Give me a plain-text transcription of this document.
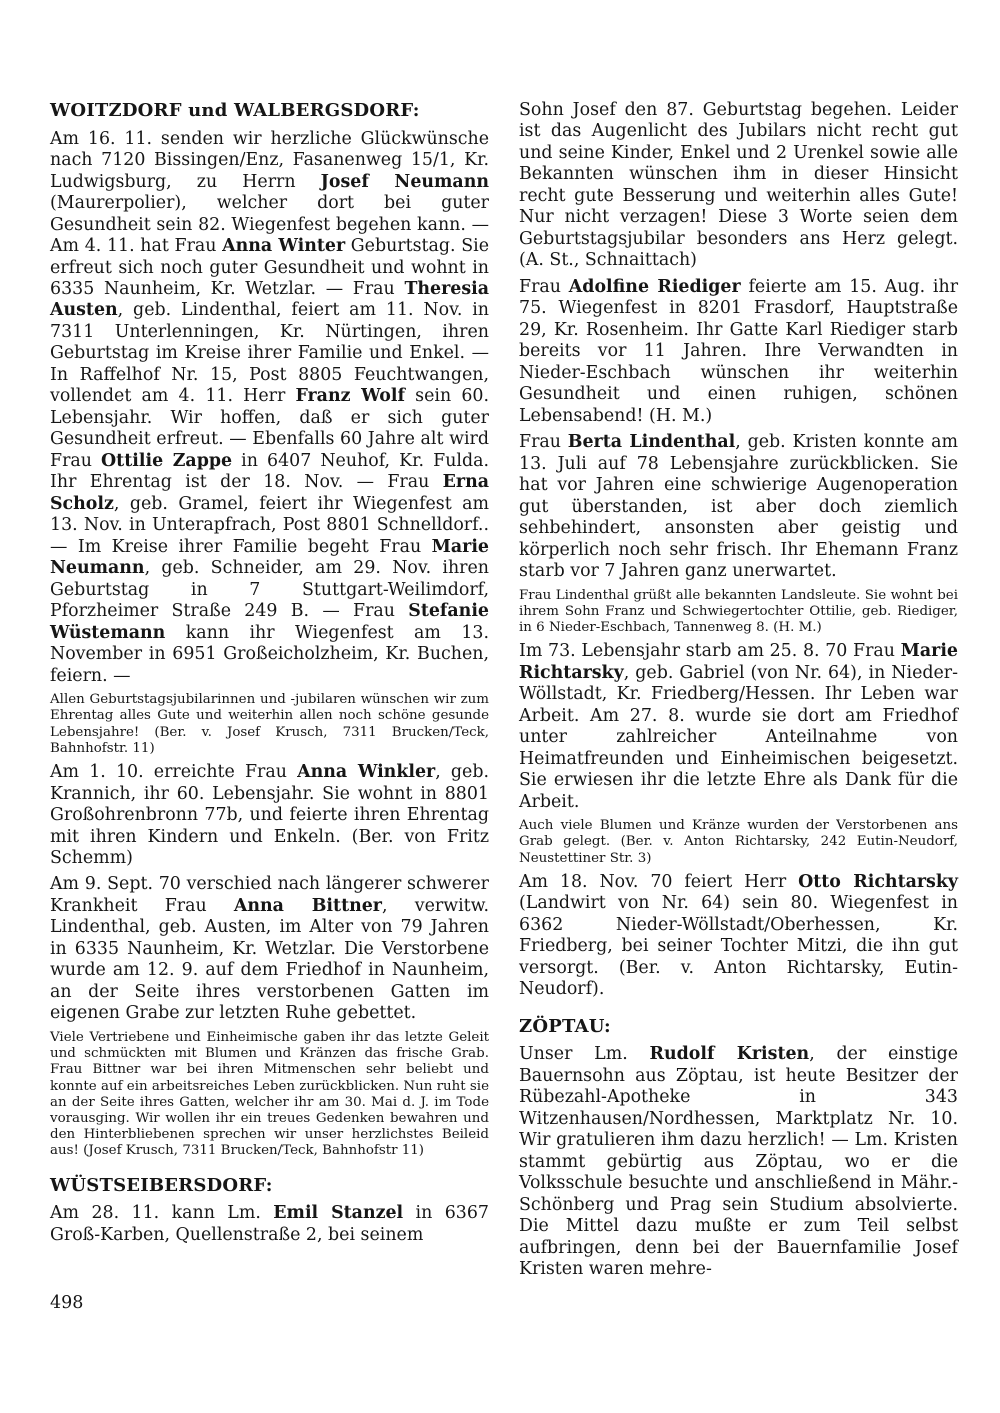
WOITZDORF und WALBERGSDORF:

Am 16. 11. senden wir herzliche Glückwünsche nach 7120 Bissingen/Enz, Fasanenweg 15/1, Kr. Ludwigsburg, zu Herrn Josef Neumann (Maurerpolier), welcher dort bei guter Gesundheit sein 82. Wiegenfest begehen kann. — Am 4. 11. hat Frau Anna Winter Geburtstag. Sie erfreut sich noch guter Gesundheit und wohnt in 6335 Naunheim, Kr. Wetzlar. — Frau Theresia Austen, geb. Lindenthal, feiert am 11. Nov. in 7311 Unterlenningen, Kr. Nürtingen, ihren Geburtstag im Kreise ihrer Familie und Enkel. — In Raffelhof Nr. 15, Post 8805 Feuchtwangen, vollendet am 4. 11. Herr Franz Wolf sein 60. Lebensjahr. Wir hoffen, daß er sich guter Gesundheit erfreut. — Ebenfalls 60 Jahre alt wird Frau Ottilie Zappe in 6407 Neuhof, Kr. Fulda. Ihr Ehrentag ist der 18. Nov. — Frau Erna Scholz, geb. Gramel, feiert ihr Wiegenfest am 13. Nov. in Unterapfrach, Post 8801 Schnelldorf.. — Im Kreise ihrer Familie begeht Frau Marie Neumann, geb. Schneider, am 29. Nov. ihren Geburtstag in 7 Stuttgart-Weilimdorf, Pforzheimer Straße 249 B. — Frau Stefanie Wüstemann kann ihr Wiegenfest am 13. November in 6951 Großeicholzheim, Kr. Buchen, feiern. —

Allen Geburtstagsjubilarinnen und -jubilaren wünschen wir zum Ehrentag alles Gute und weiterhin allen noch schöne gesunde Lebensjahre! (Ber. v. Josef Krusch, 7311 Brucken/Teck, Bahnhofstr. 11)

Am 1. 10. erreichte Frau Anna Winkler, geb. Krannich, ihr 60. Lebensjahr. Sie wohnt in 8801 Großohrenbronn 77b, und feierte ihren Ehrentag mit ihren Kindern und Enkeln. (Ber. von Fritz Schemm)

Am 9. Sept. 70 verschied nach längerer schwerer Krankheit Frau Anna Bittner, verwitw. Lindenthal, geb. Austen, im Alter von 79 Jahren in 6335 Naunheim, Kr. Wetzlar. Die Verstorbene wurde am 12. 9. auf dem Friedhof in Naunheim, an der Seite ihres verstorbenen Gatten im eigenen Grabe zur letzten Ruhe gebettet.

Viele Vertriebene und Einheimische gaben ihr das letzte Geleit und schmückten mit Blumen und Kränzen das frische Grab. Frau Bittner war bei ihren Mitmenschen sehr beliebt und konnte auf ein arbeitsreiches Leben zurückblicken. Nun ruht sie an der Seite ihres Gatten, welcher ihr am 30. Mai d. J. im Tode vorausging. Wir wollen ihr ein treues Gedenken bewahren und den Hinterbliebenen sprechen wir unser herzlichstes Beileid aus! (Josef Krusch, 7311 Brucken/Teck, Bahnhofstr 11)

WÜSTSEIBERSDORF:

Am 28. 11. kann Lm. Emil Stanzel in 6367 Groß-Karben, Quellenstraße 2, bei seinem

Sohn Josef den 87. Geburtstag begehen. Leider ist das Augenlicht des Jubilars nicht recht gut und seine Kinder, Enkel und 2 Urenkel sowie alle Bekannten wünschen ihm in dieser Hinsicht recht gute Besserung und weiterhin alles Gute! Nur nicht verzagen! Diese 3 Worte seien dem Geburtstagsjubilar besonders ans Herz gelegt. (A. St., Schnaittach)

Frau Adolfine Riediger feierte am 15. Aug. ihr 75. Wiegenfest in 8201 Frasdorf, Hauptstraße 29, Kr. Rosenheim. Ihr Gatte Karl Riediger starb bereits vor 11 Jahren. Ihre Verwandten in Nieder-Eschbach wünschen ihr weiterhin Gesundheit und einen ruhigen, schönen Lebensabend! (H. M.)

Frau Berta Lindenthal, geb. Kristen konnte am 13. Juli auf 78 Lebensjahre zurückblicken. Sie hat vor Jahren eine schwierige Augenoperation gut überstanden, ist aber doch ziemlich sehbehindert, ansonsten aber geistig und körperlich noch sehr frisch. Ihr Ehemann Franz starb vor 7 Jahren ganz unerwartet.

Frau Lindenthal grüßt alle bekannten Landsleute. Sie wohnt bei ihrem Sohn Franz und Schwiegertochter Ottilie, geb. Riediger, in 6 Nieder-Eschbach, Tannenweg 8. (H. M.)

Im 73. Lebensjahr starb am 25. 8. 70 Frau Marie Richtarsky, geb. Gabriel (von Nr. 64), in Nieder-Wöllstadt, Kr. Friedberg/Hessen. Ihr Leben war Arbeit. Am 27. 8. wurde sie dort am Friedhof unter zahlreicher Anteilnahme von Heimatfreunden und Einheimischen beigesetzt. Sie erwiesen ihr die letzte Ehre als Dank für die Arbeit.

Auch viele Blumen und Kränze wurden der Verstorbenen ans Grab gelegt. (Ber. v. Anton Richtarsky, 242 Eutin-Neudorf, Neustettiner Str. 3)

Am 18. Nov. 70 feiert Herr Otto Richtarsky (Landwirt von Nr. 64) sein 80. Wiegenfest in 6362 Nieder-Wöllstadt/Oberhessen, Kr. Friedberg, bei seiner Tochter Mitzi, die ihn gut versorgt. (Ber. v. Anton Richtarsky, Eutin-Neudorf).

ZÖPTAU:

Unser Lm. Rudolf Kristen, der einstige Bauernsohn aus Zöptau, ist heute Besitzer der Rübezahl-Apotheke in 343 Witzenhausen/Nordhessen, Marktplatz Nr. 10. Wir gratulieren ihm dazu herzlich! — Lm. Kristen stammt gebürtig aus Zöptau, wo er die Volksschule besuchte und anschließend in Mähr.-Schönberg und Prag sein Studium absolvierte. Die Mittel dazu mußte er zum Teil selbst aufbringen, denn bei der Bauernfamilie Josef Kristen waren mehre-

498
